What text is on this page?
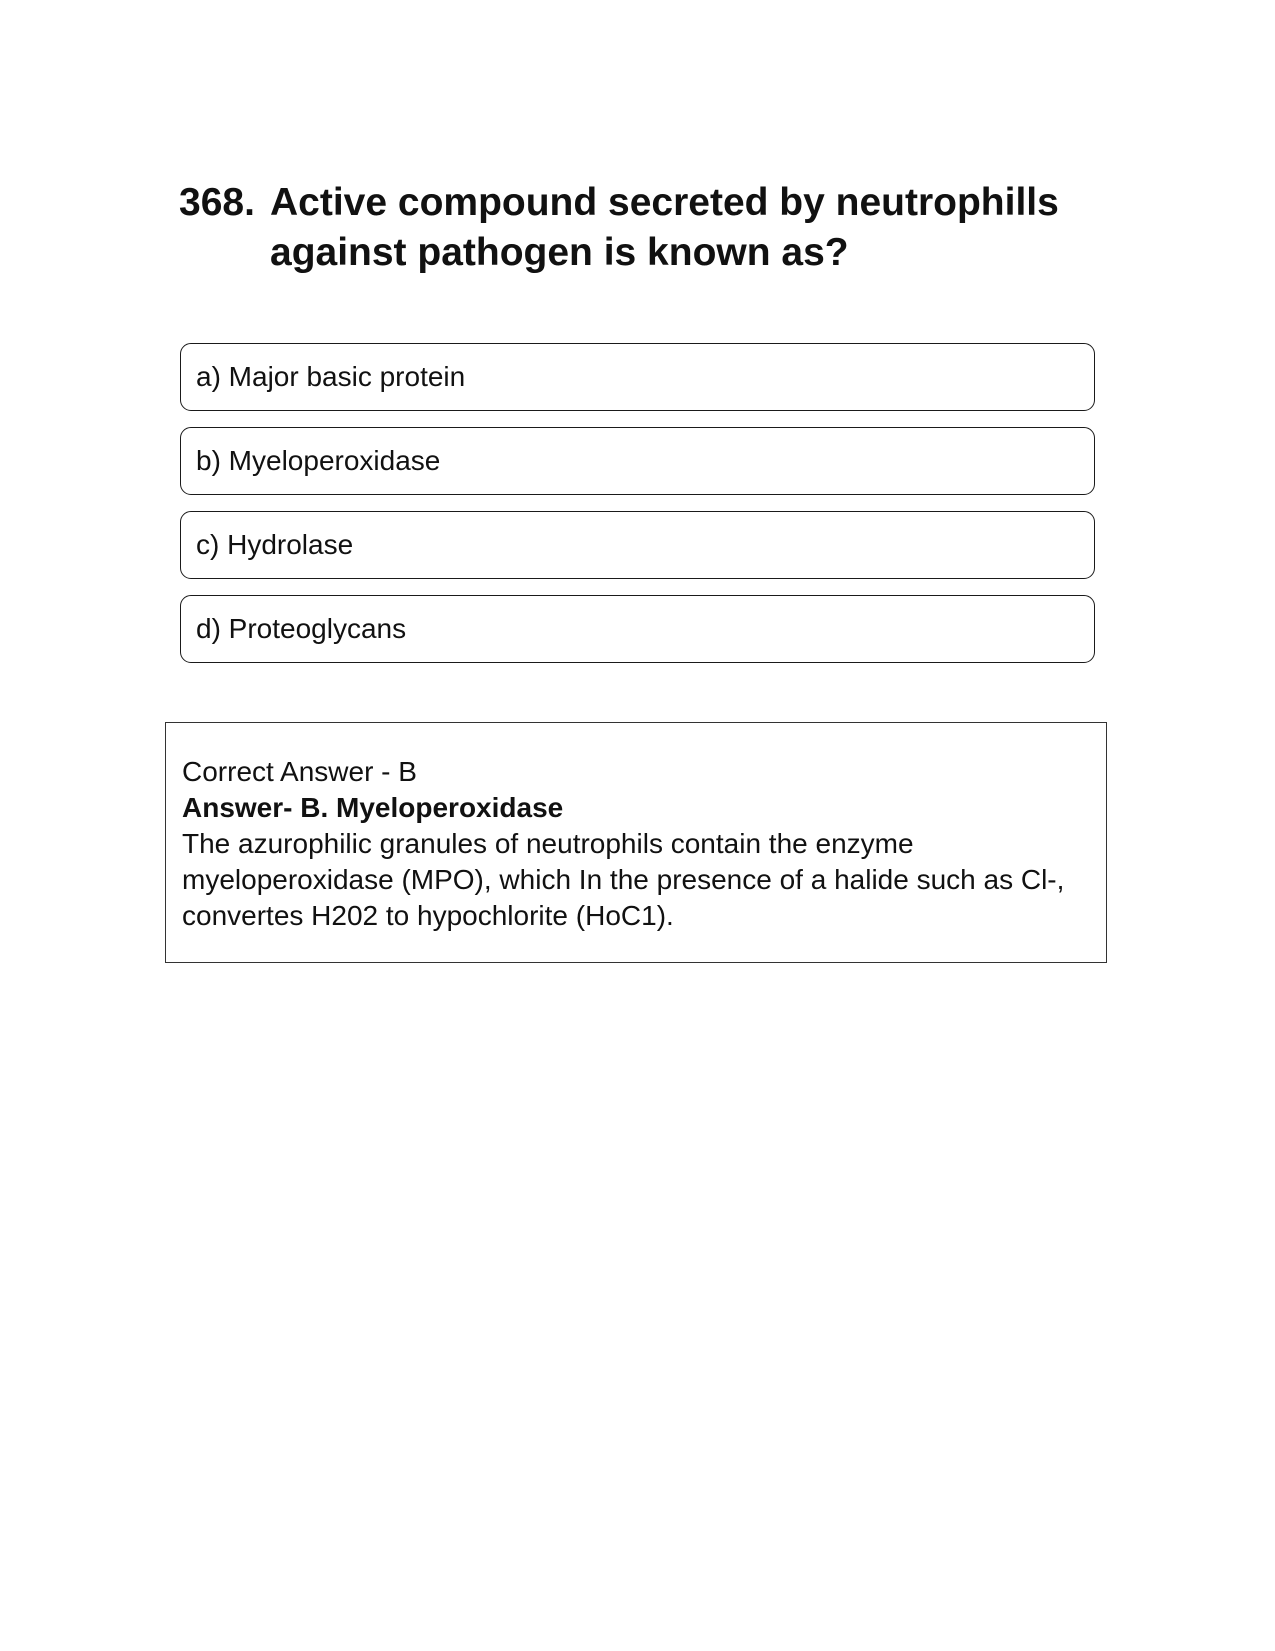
368. Active compound secreted by neutrophills against pathogen is known as?
a) Major basic protein
b) Myeloperoxidase
c) Hydrolase
d) Proteoglycans

Correct Answer - B

Answer- B. Myeloperoxidase

The azurophilic granules of neutrophils contain the enzyme myeloperoxidase (MPO), which In the presence of a halide such as Cl-, convertes H202 to hypochlorite (HoC1).
